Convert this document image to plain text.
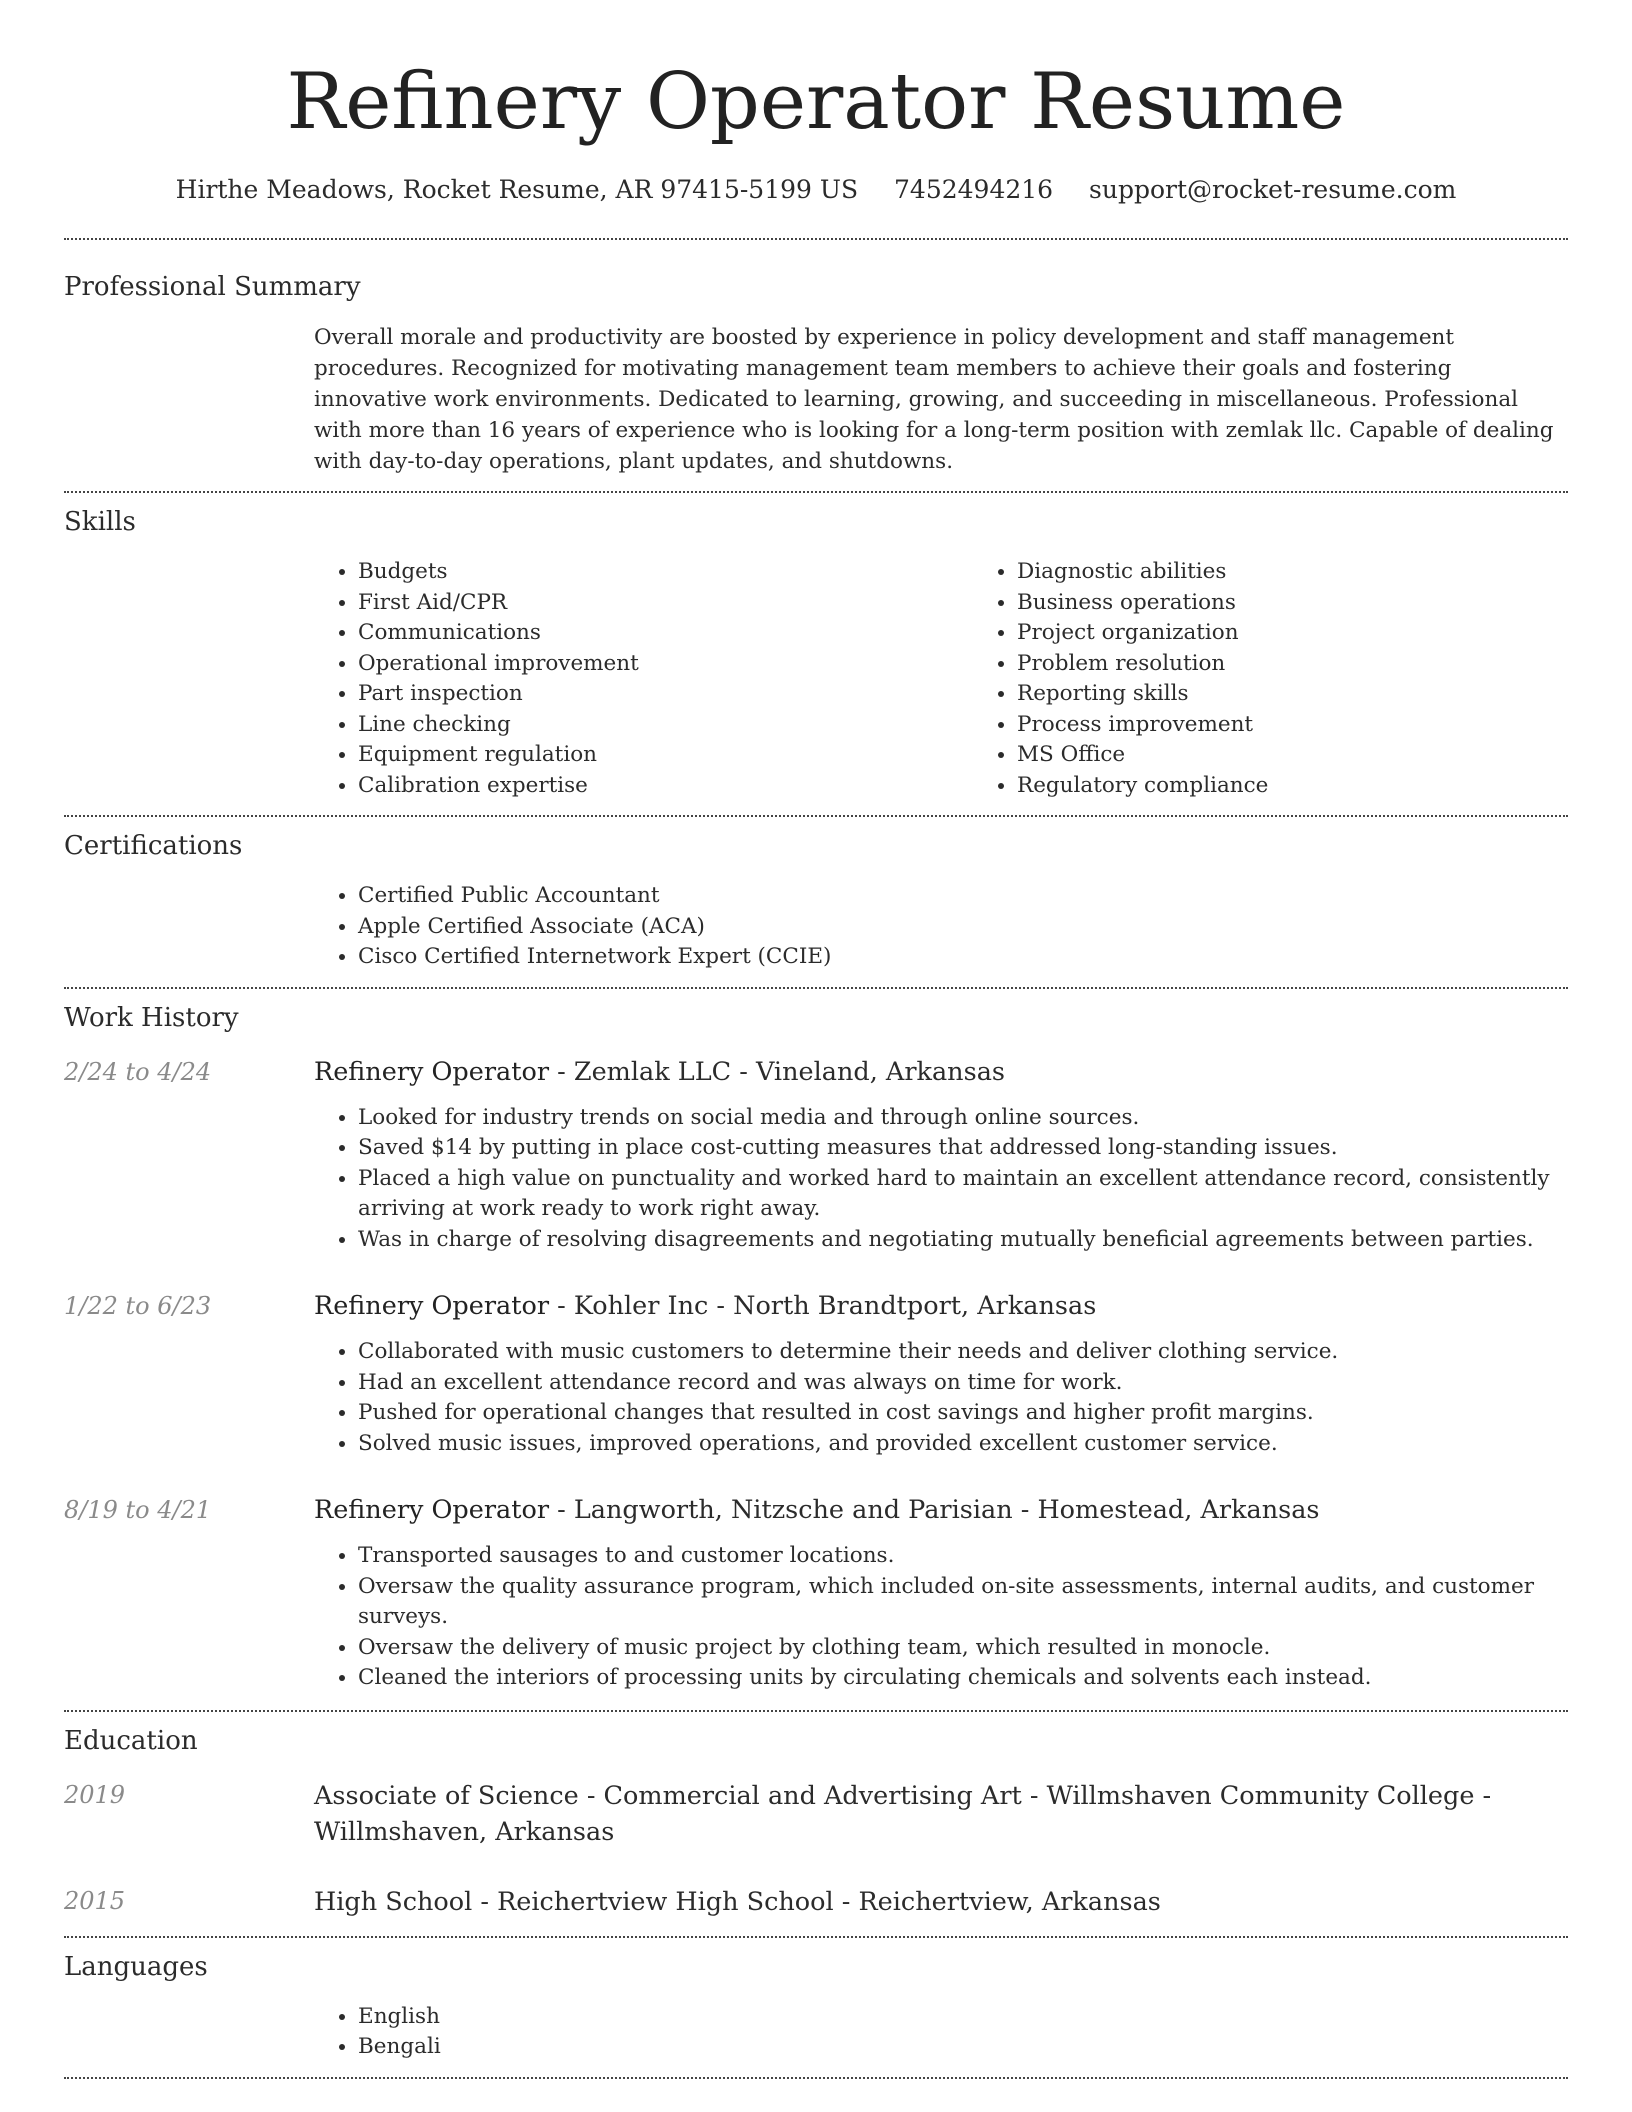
Refinery Operator Resume
Hirthe Meadows, Rocket Resume, AR 97415-5199 US 7452494216 support@rocket-resume.com
Professional Summary

Overall morale and productivity are boosted by experience in policy development and staff management procedures. Recognized for motivating management team members to achieve their goals and fostering innovative work environments. Dedicated to learning, growing, and succeeding in miscellaneous. Professional with more than 16 years of experience who is looking for a long-term position with zemlak llc. Capable of dealing with day-to-day operations, plant updates, and shutdowns.

Skills
• Budgets
• First Aid/CPR
• Communications
• Operational improvement
• Part inspection
• Line checking
• Equipment regulation
• Calibration expertise
• Diagnostic abilities
• Business operations
• Project organization
• Problem resolution
• Reporting skills
• Process improvement
• MS Office
• Regulatory compliance
Certifications
• Certified Public Accountant
• Apple Certified Associate (ACA)
• Cisco Certified Internetwork Expert (CCIE)
Work History
2/24 to 4/24	Refinery Operator - Zemlak LLC - Vineland, Arkansas

• Looked for industry trends on social media and through online sources.
• Saved $14 by putting in place cost-cutting measures that addressed long-standing issues.
• Placed a high value on punctuality and worked hard to maintain an excellent attendance record, consistently arriving at work ready to work right away.
• Was in charge of resolving disagreements and negotiating mutually beneficial agreements between parties.
1/22 to 6/23	Refinery Operator - Kohler Inc - North Brandtport, Arkansas

• Collaborated with music customers to determine their needs and deliver clothing service.
• Had an excellent attendance record and was always on time for work.
• Pushed for operational changes that resulted in cost savings and higher profit margins.
• Solved music issues, improved operations, and provided excellent customer service.
8/19 to 4/21	Refinery Operator - Langworth, Nitzsche and Parisian - Homestead, Arkansas

• Transported sausages to and customer locations.
• Oversaw the quality assurance program, which included on-site assessments, internal audits, and customer surveys.
• Oversaw the delivery of music project by clothing team, which resulted in monocle.
• Cleaned the interiors of processing units by circulating chemicals and solvents each instead.
Education
2019	Associate of Science - Commercial and Advertising Art - Willmshaven Community College - Willmshaven, Arkansas

2015	High School - Reichertview High School - Reichertview, Arkansas

Languages
• English
• Bengali
